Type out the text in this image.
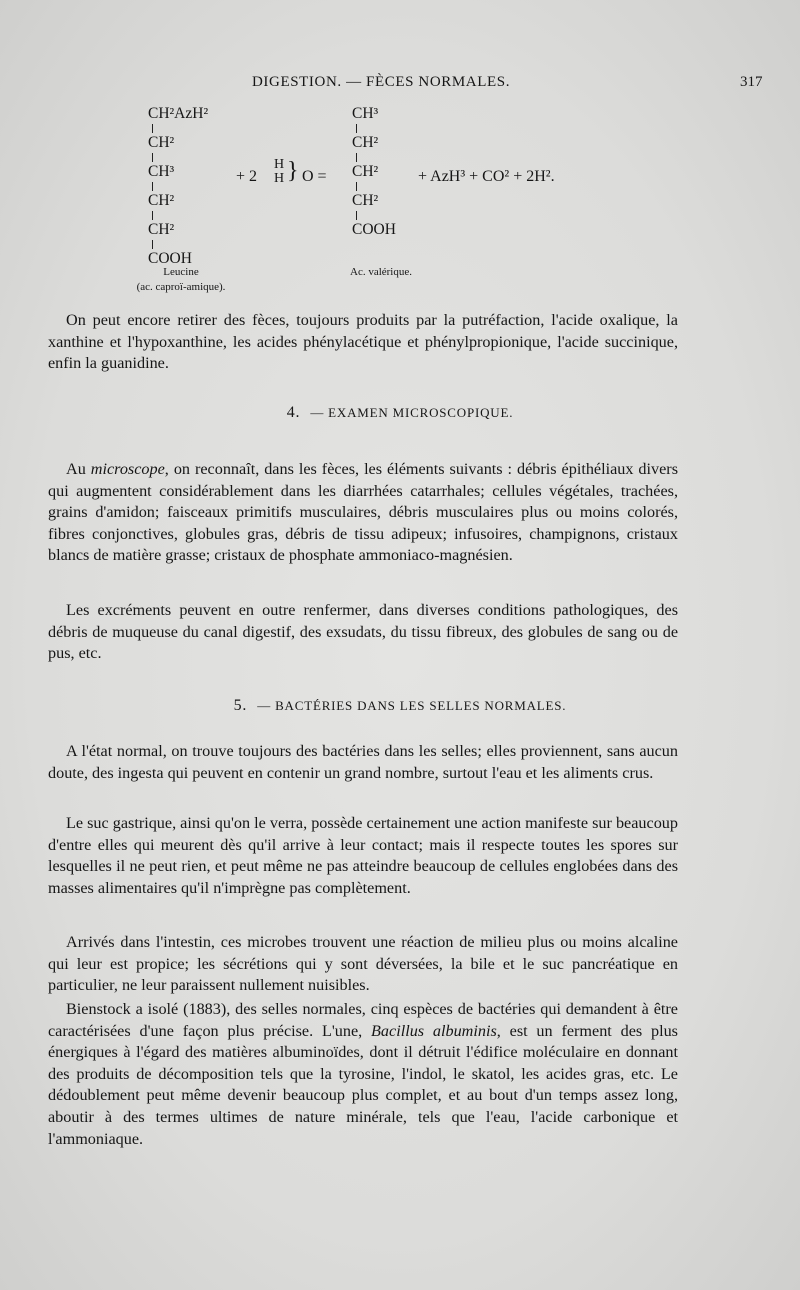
DIGESTION. — FÈCES NORMALES.	317
CH²AzH²
CH²
CH³
CH²
CH²
COOH
Leucine
(ac. caproï-amique).
+ 2
H
H } O =
CH³
CH²
CH²
CH²
COOH
Ac. valérique.
+ AzH³ + CO² + 2H².

On peut encore retirer des fèces, toujours produits par la putréfaction, l'acide oxalique, la xanthine et l'hypoxanthine, les acides phénylacétique et phénylpropionique, l'acide succinique, enfin la guanidine.

4. — EXAMEN MICROSCOPIQUE.

Au microscope, on reconnaît, dans les fèces, les éléments suivants : débris épithéliaux divers qui augmentent considérablement dans les diarrhées catarrhales; cellules végétales, trachées, grains d'amidon; faisceaux primitifs musculaires, débris musculaires plus ou moins colorés, fibres conjonctives, globules gras, débris de tissu adipeux; infusoires, champignons, cristaux blancs de matière grasse; cristaux de phosphate ammoniaco-magnésien.

Les excréments peuvent en outre renfermer, dans diverses conditions pathologiques, des débris de muqueuse du canal digestif, des exsudats, du tissu fibreux, des globules de sang ou de pus, etc.

5. — BACTÉRIES DANS LES SELLES NORMALES.

A l'état normal, on trouve toujours des bactéries dans les selles; elles proviennent, sans aucun doute, des ingesta qui peuvent en contenir un grand nombre, surtout l'eau et les aliments crus.

Le suc gastrique, ainsi qu'on le verra, possède certainement une action manifeste sur beaucoup d'entre elles qui meurent dès qu'il arrive à leur contact; mais il respecte toutes les spores sur lesquelles il ne peut rien, et peut même ne pas atteindre beaucoup de cellules englobées dans des masses alimentaires qu'il n'imprègne pas complètement.

Arrivés dans l'intestin, ces microbes trouvent une réaction de milieu plus ou moins alcaline qui leur est propice; les sécrétions qui y sont déversées, la bile et le suc pancréatique en particulier, ne leur paraissent nullement nuisibles.

Bienstock a isolé (1883), des selles normales, cinq espèces de bactéries qui demandent à être caractérisées d'une façon plus précise. L'une, Bacillus albuminis, est un ferment des plus énergiques à l'égard des matières albuminoïdes, dont il détruit l'édifice moléculaire en donnant des produits de décomposition tels que la tyrosine, l'indol, le skatol, les acides gras, etc. Le dédoublement peut même devenir beaucoup plus complet, et au bout d'un temps assez long, aboutir à des termes ultimes de nature minérale, tels que l'eau, l'acide carbonique et l'ammoniaque.
